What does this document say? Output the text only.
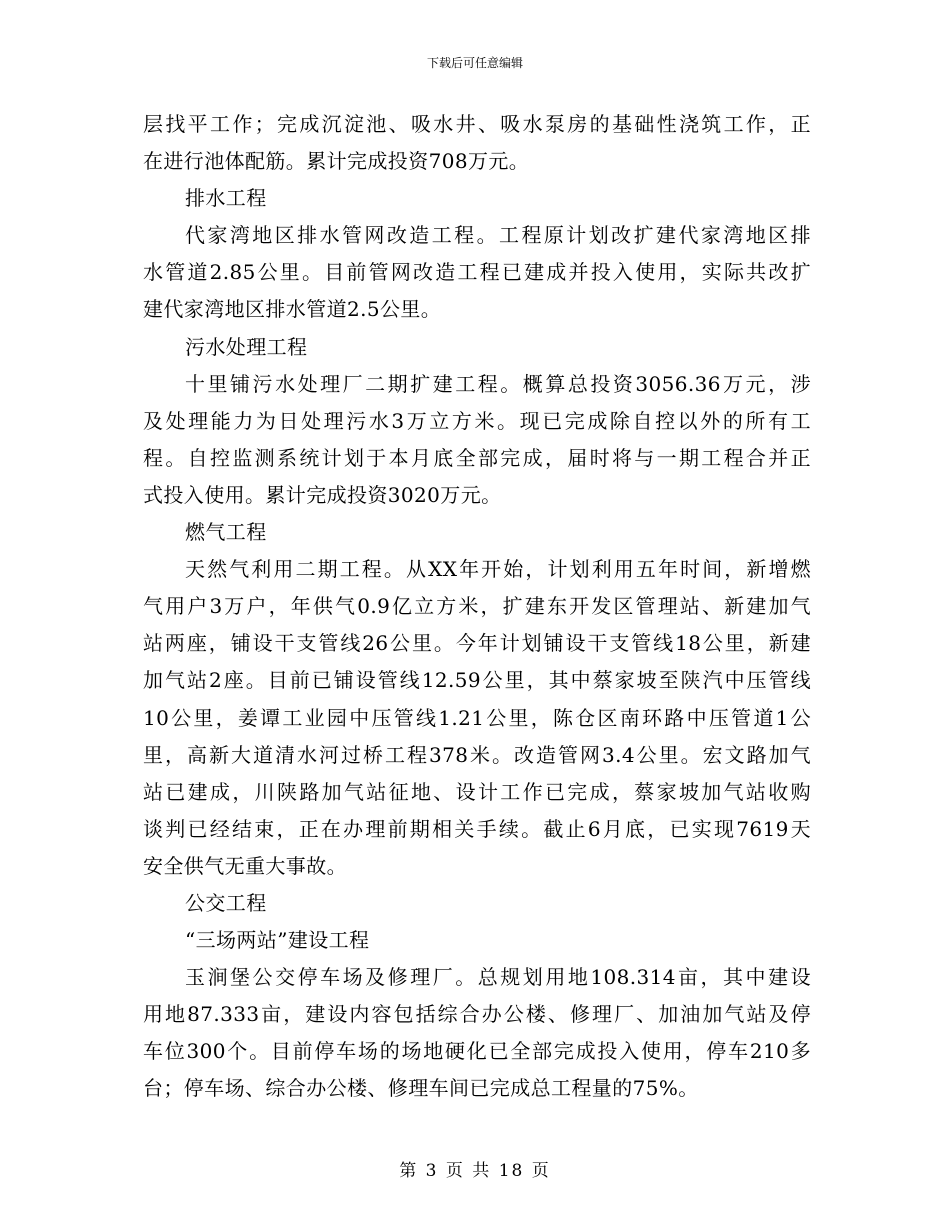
下载后可任意编辑
层找平工作；完成沉淀池、吸水井、吸水泵房的基础性浇筑工作，正
在进行池体配筋。累计完成投资708万元。
排水工程
代家湾地区排水管网改造工程。工程原计划改扩建代家湾地区排
水管道2.85公里。目前管网改造工程已建成并投入使用，实际共改扩
建代家湾地区排水管道2.5公里。
污水处理工程
十里铺污水处理厂二期扩建工程。概算总投资3056.36万元，涉
及处理能力为日处理污水3万立方米。现已完成除自控以外的所有工
程。自控监测系统计划于本月底全部完成，届时将与一期工程合并正
式投入使用。累计完成投资3020万元。
燃气工程
天然气利用二期工程。从XX年开始，计划利用五年时间，新增燃
气用户3万户，年供气0.9亿立方米，扩建东开发区管理站、新建加气
站两座，铺设干支管线26公里。今年计划铺设干支管线18公里，新建
加气站2座。目前已铺设管线12.59公里，其中蔡家坡至陕汽中压管线
10公里，姜谭工业园中压管线1.21公里，陈仓区南环路中压管道1公
里，高新大道清水河过桥工程378米。改造管网3.4公里。宏文路加气
站已建成，川陕路加气站征地、设计工作已完成，蔡家坡加气站收购
谈判已经结束，正在办理前期相关手续。截止6月底，已实现7619天
安全供气无重大事故。
公交工程
“三场两站”建设工程
玉涧堡公交停车场及修理厂。总规划用地108.314亩，其中建设
用地87.333亩，建设内容包括综合办公楼、修理厂、加油加气站及停
车位300个。目前停车场的场地硬化已全部完成投入使用，停车210多
台；停车场、综合办公楼、修理车间已完成总工程量的75%。
第 3 页 共 18 页
